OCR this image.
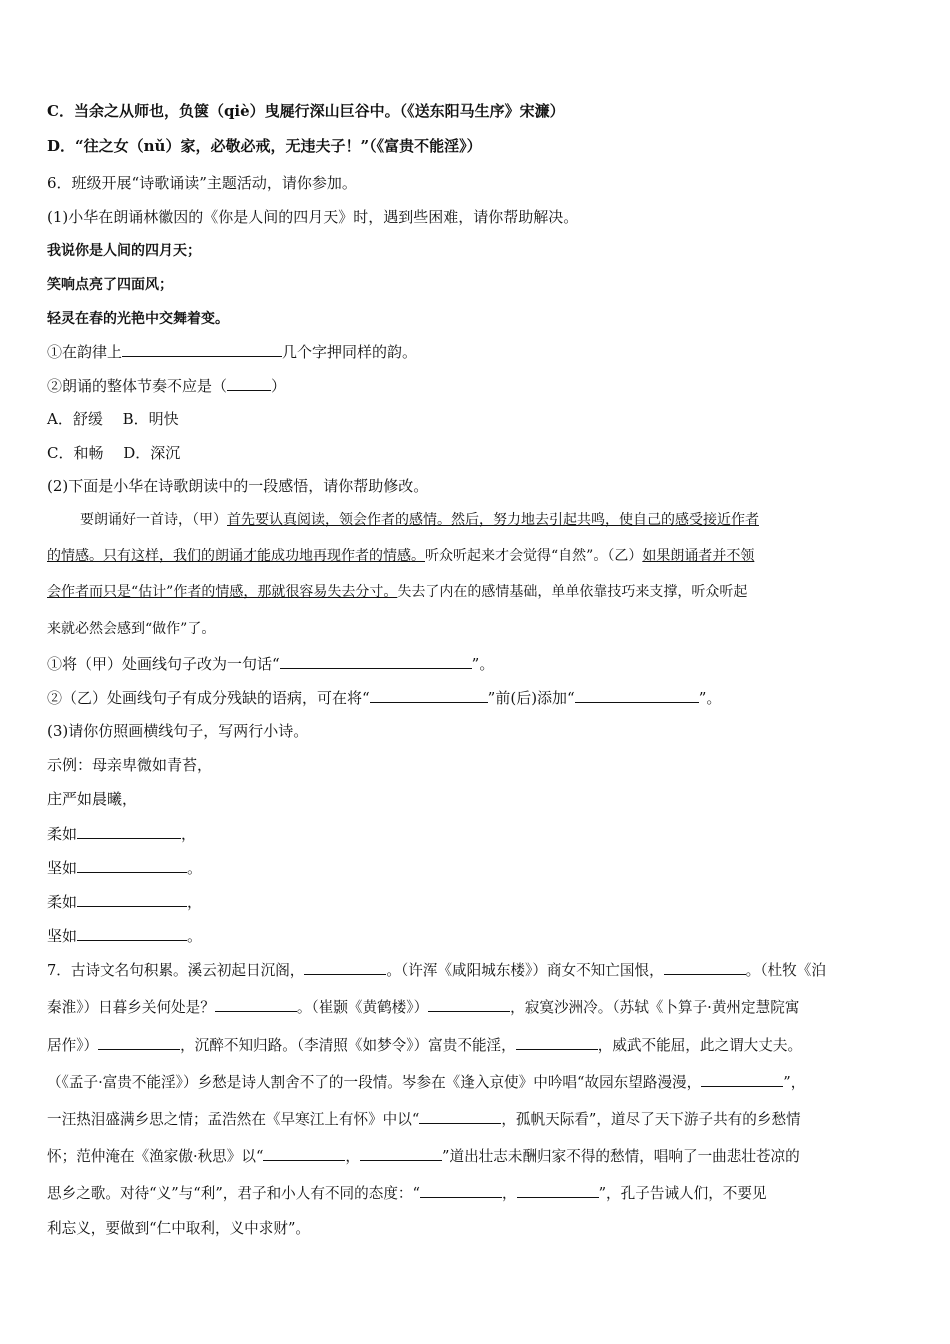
C．当余之从师也，负箧（qiè）曳屣行深山巨谷中。（《送东阳马生序》宋濂）
D．“往之女（nǔ）家，必敬必戒，无违夫子！”（《富贵不能淫》）
6．班级开展“诗歌诵读”主题活动，请你参加。
(1)小华在朗诵林徽因的《你是人间的四月天》时，遇到些困难，请你帮助解决。
我说你是人间的四月天；
笑响点亮了四面风；
轻灵在春的光艳中交舞着变。
①在韵律上	几个字押同样的韵。
②朗诵的整体节奏不应是（	）
A．舒缓　 B．明快
C．和畅　 D．深沉
(2)下面是小华在诗歌朗读中的一段感悟，请你帮助修改。
要朗诵好一首诗，（甲）首先要认真阅读，领会作者的感情。然后，努力地去引起共鸣，使自己的感受接近作者
的情感。只有这样，我们的朗诵才能成功地再现作者的情感。听众听起来才会觉得“自然”。（乙）如果朗诵者并不领
会作者而只是“估计”作者的情感，那就很容易失去分寸。失去了内在的感情基础，单单依靠技巧来支撑，听众听起
来就必然会感到“做作”了。
①将（甲）处画线句子改为一句话“	”。
②（乙）处画线句子有成分残缺的语病，可在将“	”前(后)添加“	”。
(3)请你仿照画横线句子，写两行小诗。
示例：母亲卑微如青苔，
庄严如晨曦，
柔如	，
坚如	。
柔如	，
坚如	。
7．古诗文名句积累。溪云初起日沉阁，	。（许浑《咸阳城东楼》）商女不知亡国恨，	。（杜牧《泊
秦淮》）日暮乡关何处是？	。（崔颢《黄鹤楼》）	，寂寞沙洲冷。（苏轼《卜算子·黄州定慧院寓
居作》）	，沉醉不知归路。（李清照《如梦令》）富贵不能淫，	，威武不能屈，此之谓大丈夫。
（《孟子·富贵不能淫》）乡愁是诗人割舍不了的一段情。岑参在《逢入京使》中吟唱“故园东望路漫漫，	”，
一汪热泪盛满乡思之情；孟浩然在《早寒江上有怀》中以“	，孤帆天际看”，道尽了天下游子共有的乡愁情
怀；范仲淹在《渔家傲·秋思》以“	，	”道出壮志未酬归家不得的愁情，唱响了一曲悲壮苍凉的
思乡之歌。对待“义”与“利”，君子和小人有不同的态度：“	，	”，孔子告诫人们，不要见
利忘义，要做到“仁中取利，义中求财”。
